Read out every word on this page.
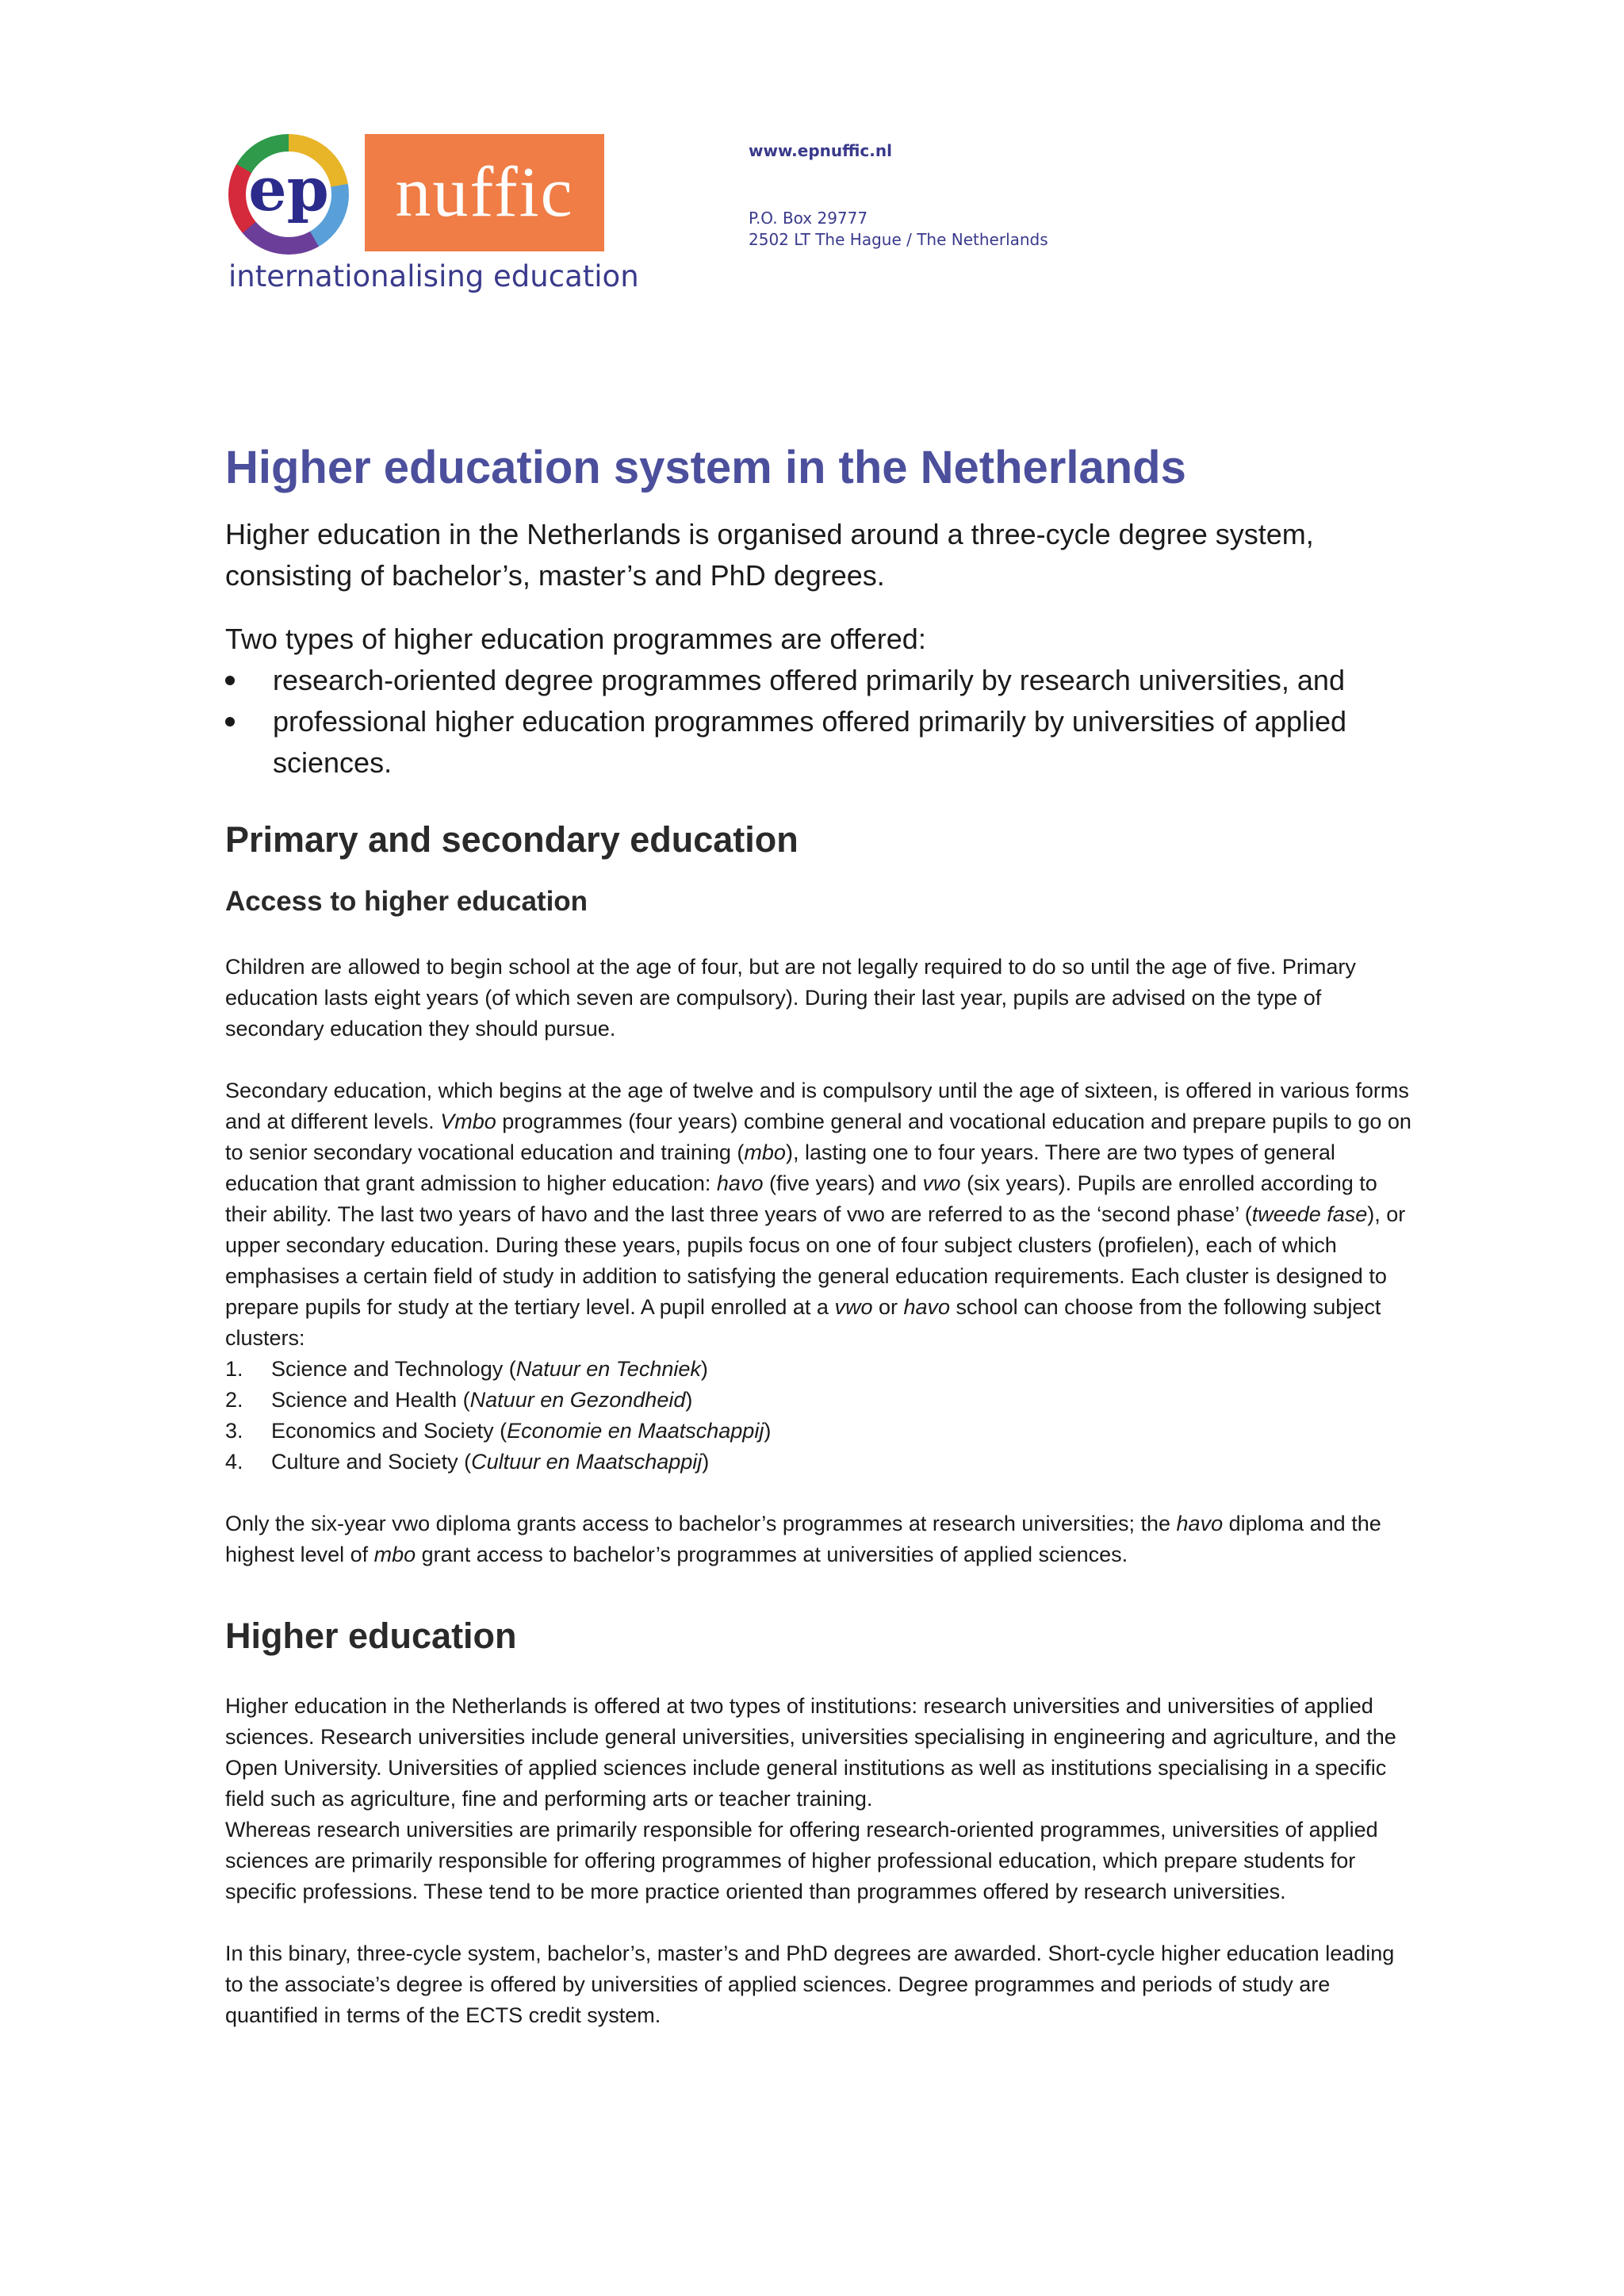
ep nuffic
internationalising education
www.epnuffic.nl
P.O. Box 29777
2502 LT The Hague / The Netherlands
Higher education system in the Netherlands

Higher education in the Netherlands is organised around a three-cycle degree system, consisting of bachelor’s, master’s and PhD degrees.

Two types of higher education programmes are offered:

research-oriented degree programmes offered primarily by research universities, and
professional higher education programmes offered primarily by universities of applied sciences.
Primary and secondary education
Access to higher education

Children are allowed to begin school at the age of four, but are not legally required to do so until the age of five. Primary education lasts eight years (of which seven are compulsory). During their last year, pupils are advised on the type of secondary education they should pursue.

Secondary education, which begins at the age of twelve and is compulsory until the age of sixteen, is offered in various forms and at different levels. Vmbo programmes (four years) combine general and vocational education and prepare pupils to go on to senior secondary vocational education and training (mbo), lasting one to four years. There are two types of general education that grant admission to higher education: havo (five years) and vwo (six years). Pupils are enrolled according to their ability. The last two years of havo and the last three years of vwo are referred to as the ‘second phase’ (tweede fase), or upper secondary education. During these years, pupils focus on one of four subject clusters (profielen), each of which emphasises a certain field of study in addition to satisfying the general education requirements. Each cluster is designed to prepare pupils for study at the tertiary level. A pupil enrolled at a vwo or havo school can choose from the following subject clusters:

1. Science and Technology (Natuur en Techniek)
2. Science and Health (Natuur en Gezondheid)
3. Economics and Society (Economie en Maatschappij)
4. Culture and Society (Cultuur en Maatschappij)

Only the six-year vwo diploma grants access to bachelor’s programmes at research universities; the havo diploma and the highest level of mbo grant access to bachelor’s programmes at universities of applied sciences.

Higher education

Higher education in the Netherlands is offered at two types of institutions: research universities and universities of applied sciences. Research universities include general universities, universities specialising in engineering and agriculture, and the Open University. Universities of applied sciences include general institutions as well as institutions specialising in a specific field such as agriculture, fine and performing arts or teacher training.

Whereas research universities are primarily responsible for offering research-oriented programmes, universities of applied sciences are primarily responsible for offering programmes of higher professional education, which prepare students for specific professions. These tend to be more practice oriented than programmes offered by research universities.

In this binary, three-cycle system, bachelor’s, master’s and PhD degrees are awarded. Short-cycle higher education leading to the associate’s degree is offered by universities of applied sciences. Degree programmes and periods of study are quantified in terms of the ECTS credit system.
